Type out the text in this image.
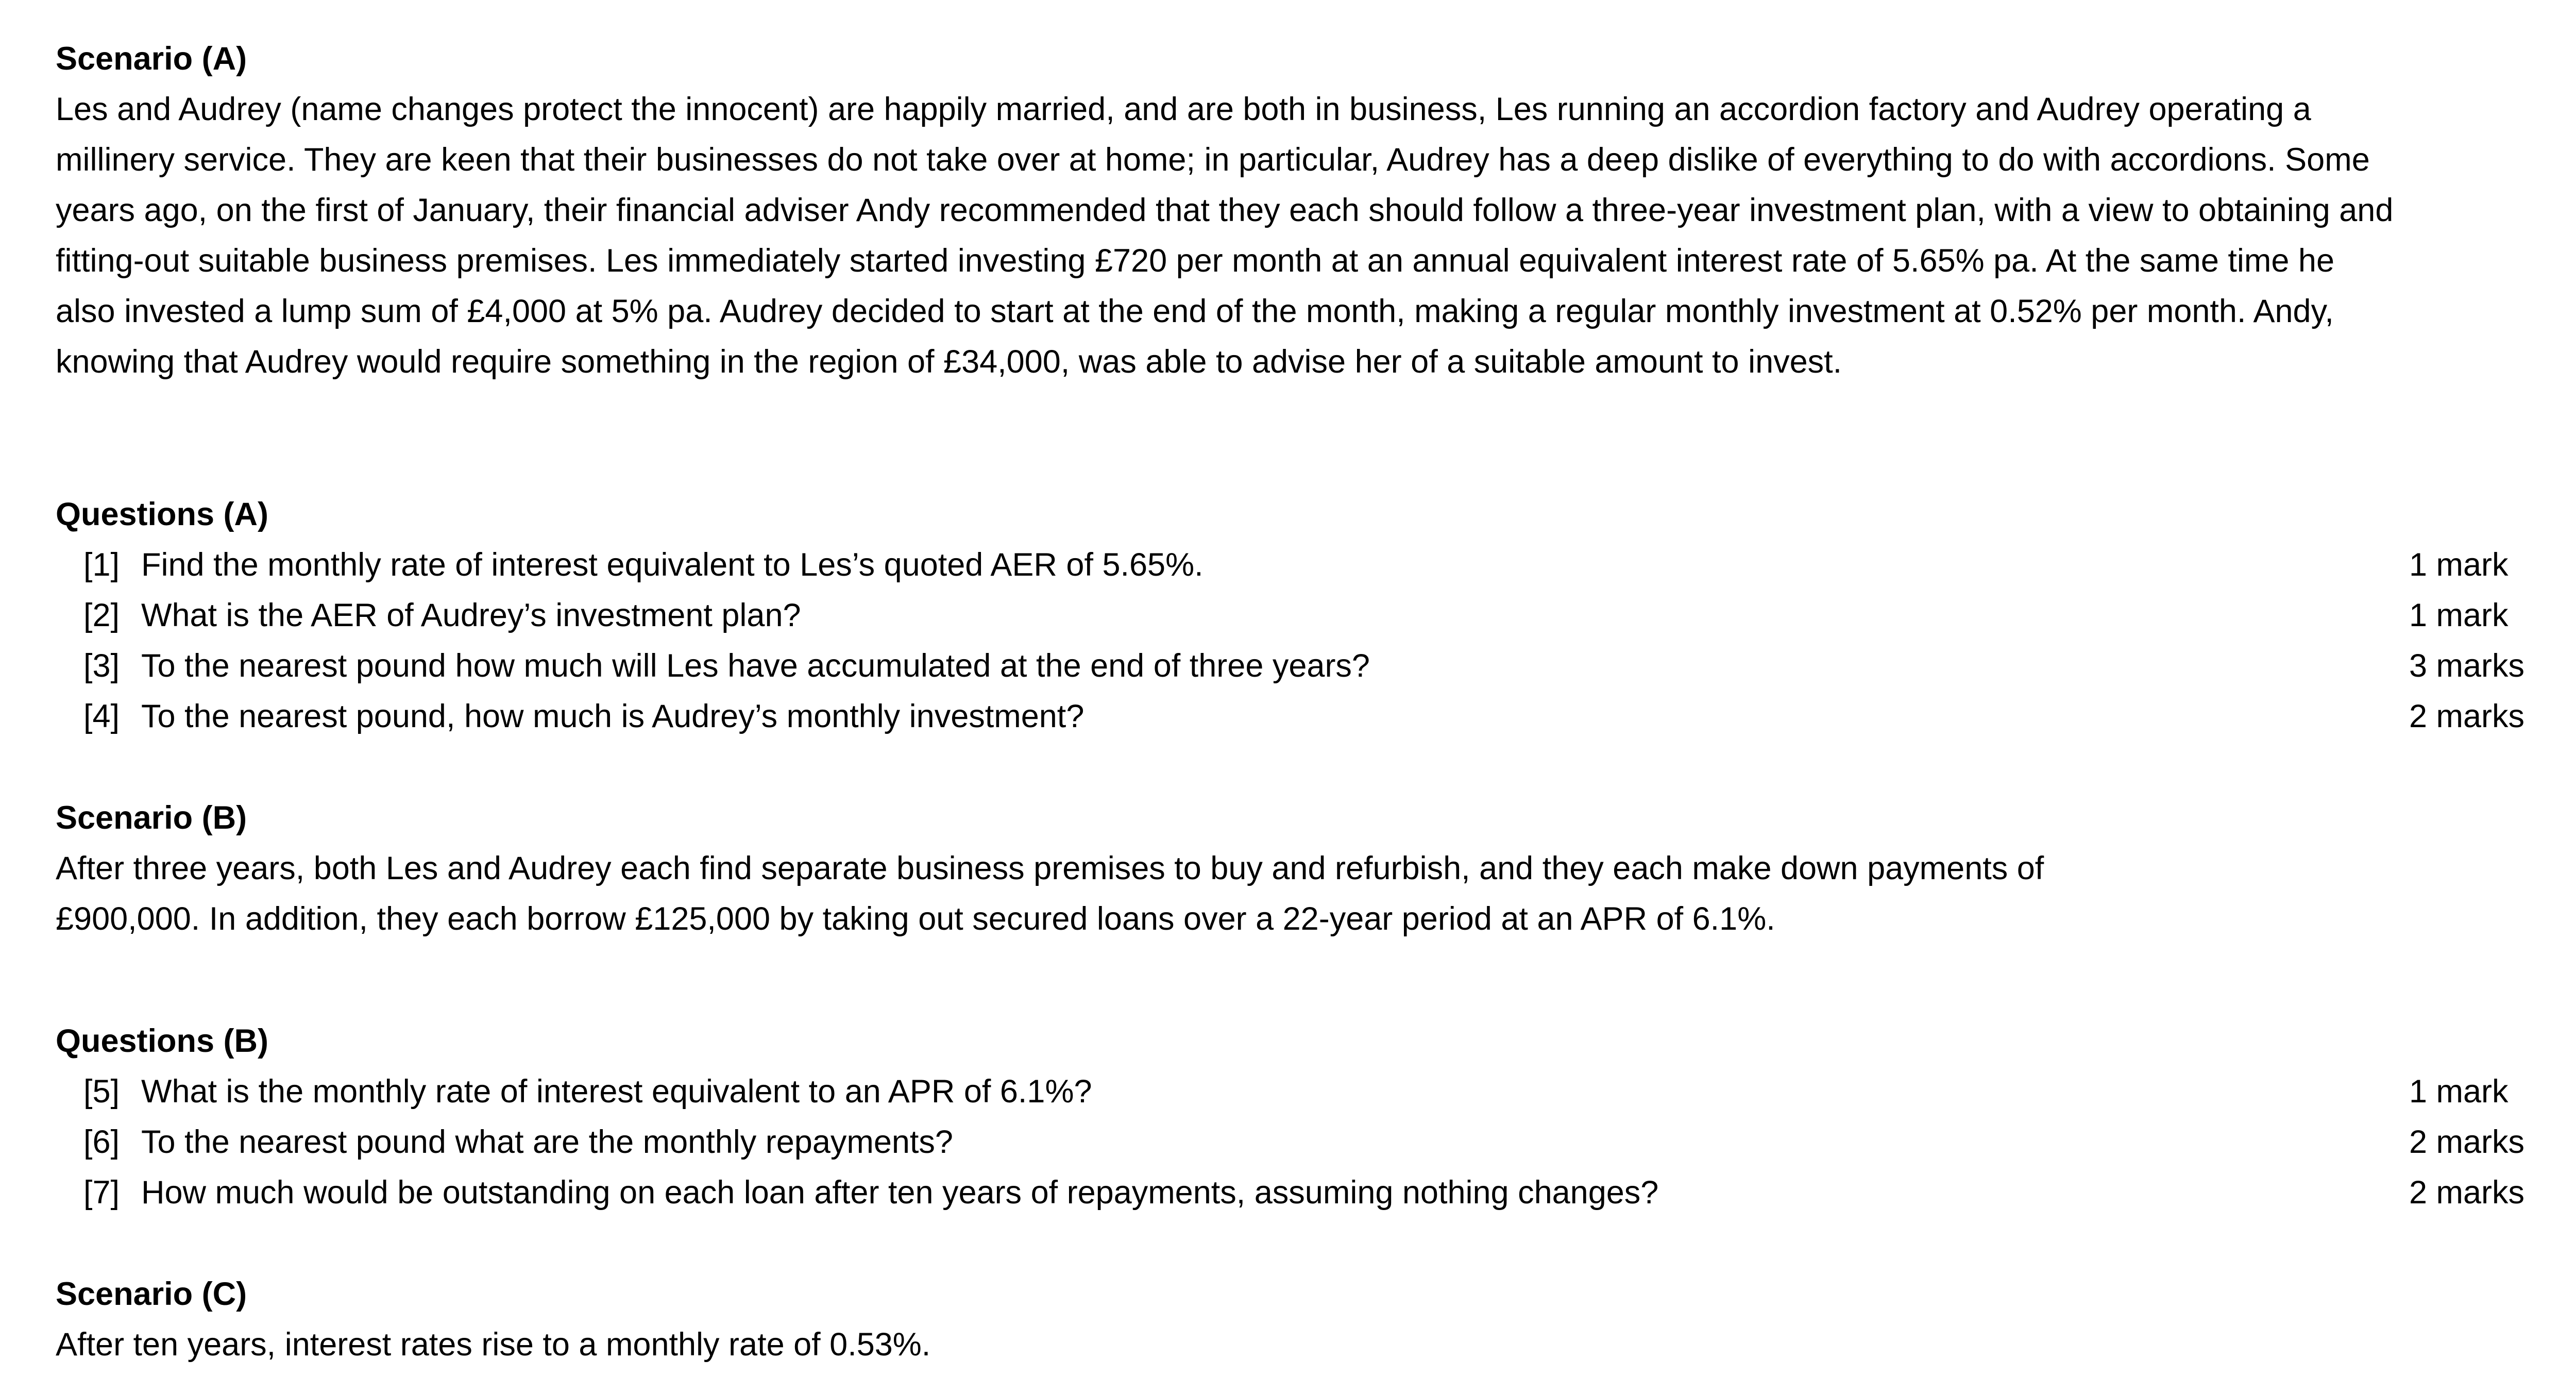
Scenario (A)
Les and Audrey (name changes protect the innocent) are happily married, and are both in business, Les running an accordion factory and Audrey operating a
millinery service. They are keen that their businesses do not take over at home; in particular, Audrey has a deep dislike of everything to do with accordions. Some
years ago, on the first of January, their financial adviser Andy recommended that they each should follow a three-year investment plan, with a view to obtaining and
fitting-out suitable business premises. Les immediately started investing £720 per month at an annual equivalent interest rate of 5.65% pa. At the same time he
also invested a lump sum of £4,000 at 5% pa. Audrey decided to start at the end of the month, making a regular monthly investment at 0.52% per month. Andy,
knowing that Audrey would require something in the region of £34,000, was able to advise her of a suitable amount to invest.
Questions (A)
[1] Find the monthly rate of interest equivalent to Les’s quoted AER of 5.65%.	1 mark
[2] What is the AER of Audrey’s investment plan?	1 mark
[3] To the nearest pound how much will Les have accumulated at the end of three years?	3 marks
[4] To the nearest pound, how much is Audrey’s monthly investment?	2 marks
Scenario (B)
After three years, both Les and Audrey each find separate business premises to buy and refurbish, and they each make down payments of
£900,000. In addition, they each borrow £125,000 by taking out secured loans over a 22-year period at an APR of 6.1%.
Questions (B)
[5] What is the monthly rate of interest equivalent to an APR of 6.1%?	1 mark
[6] To the nearest pound what are the monthly repayments?	2 marks
[7] How much would be outstanding on each loan after ten years of repayments, assuming nothing changes?	2 marks
Scenario (C)
After ten years, interest rates rise to a monthly rate of 0.53%.
